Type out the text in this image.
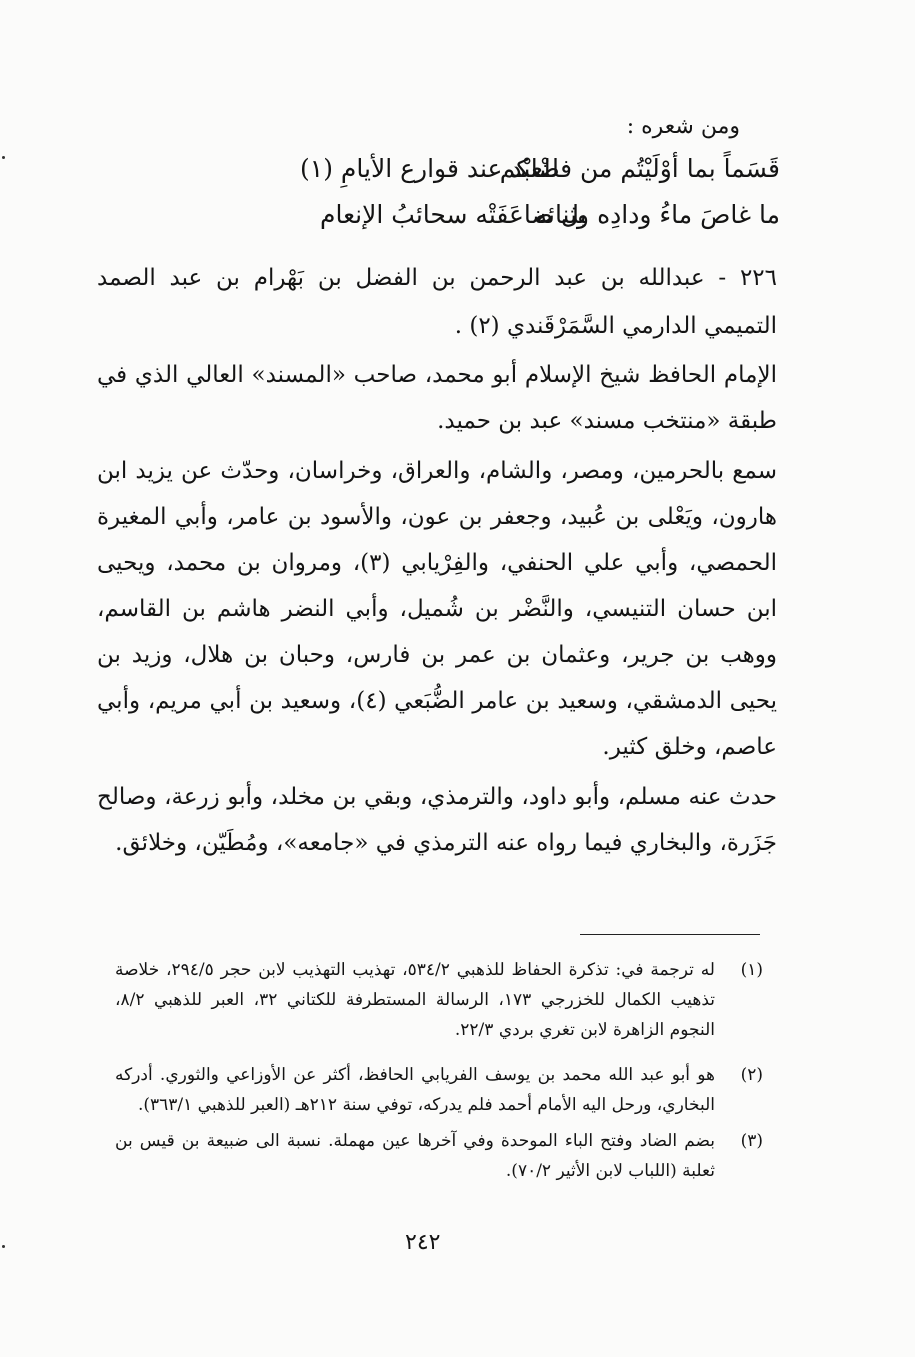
ومن شعره :
قَسَماً بما أوْلَيْتُم من فضْلكم
للعبْد عند قوارع الأيامِ (١)
ما غاصَ ماءُ ودادِه وثنائه
بل ضاعَفَتْه سحائبُ الإنعام
٢٢٦ - عبدالله بن عبد الرحمن بن الفضل بن بَهْرام بن عبد الصمد التميمي الدارمي السَّمَرْقَندي (٢) .
الإمام الحافظ شيخ الإسلام أبو محمد، صاحب «المسند» العالي الذي في طبقة «منتخب مسند» عبد بن حميد.
سمع بالحرمين، ومصر، والشام، والعراق، وخراسان، وحدّث عن يزيد ابن هارون، ويَعْلى بن عُبيد، وجعفر بن عون، والأسود بن عامر، وأبي المغيرة الحمصي، وأبي علي الحنفي، والفِرْيابي (٣)، ومروان بن محمد، ويحيى ابن حسان التنيسي، والنَّضْر بن شُميل، وأبي النضر هاشم بن القاسم، ووهب بن جرير، وعثمان بن عمر بن فارس، وحبان بن هلال، وزيد بن يحيى الدمشقي، وسعيد بن عامر الضُّبَعي (٤)، وسعيد بن أبي مريم، وأبي عاصم، وخلق كثير.
حدث عنه مسلم، وأبو داود، والترمذي، وبقي بن مخلد، وأبو زرعة، وصالح جَزَرة، والبخاري فيما رواه عنه الترمذي في «جامعه»، ومُطَيّن، وخلائق.
(١)
له ترجمة في: تذكرة الحفاظ للذهبي ٥٣٤/٢، تهذيب التهذيب لابن حجر ٢٩٤/٥، خلاصة تذهيب الكمال للخزرجي ١٧٣، الرسالة المستطرفة للكتاني ٣٢، العبر للذهبي ٨/٢، النجوم الزاهرة لابن تغري بردي ٢٢/٣.
(٢)
هو أبو عبد الله محمد بن يوسف الفريابي الحافظ، أكثر عن الأوزاعي والثوري. أدركه البخاري، ورحل اليه الأمام أحمد فلم يدركه، توفي سنة ٢١٢هـ (العبر للذهبي ٣٦٣/١).
(٣)
بضم الضاد وفتح الباء الموحدة وفي آخرها عين مهملة. نسبة الى ضبيعة بن قيس بن ثعلبة (اللباب لابن الأثير ٧٠/٢).
٢٤٢
